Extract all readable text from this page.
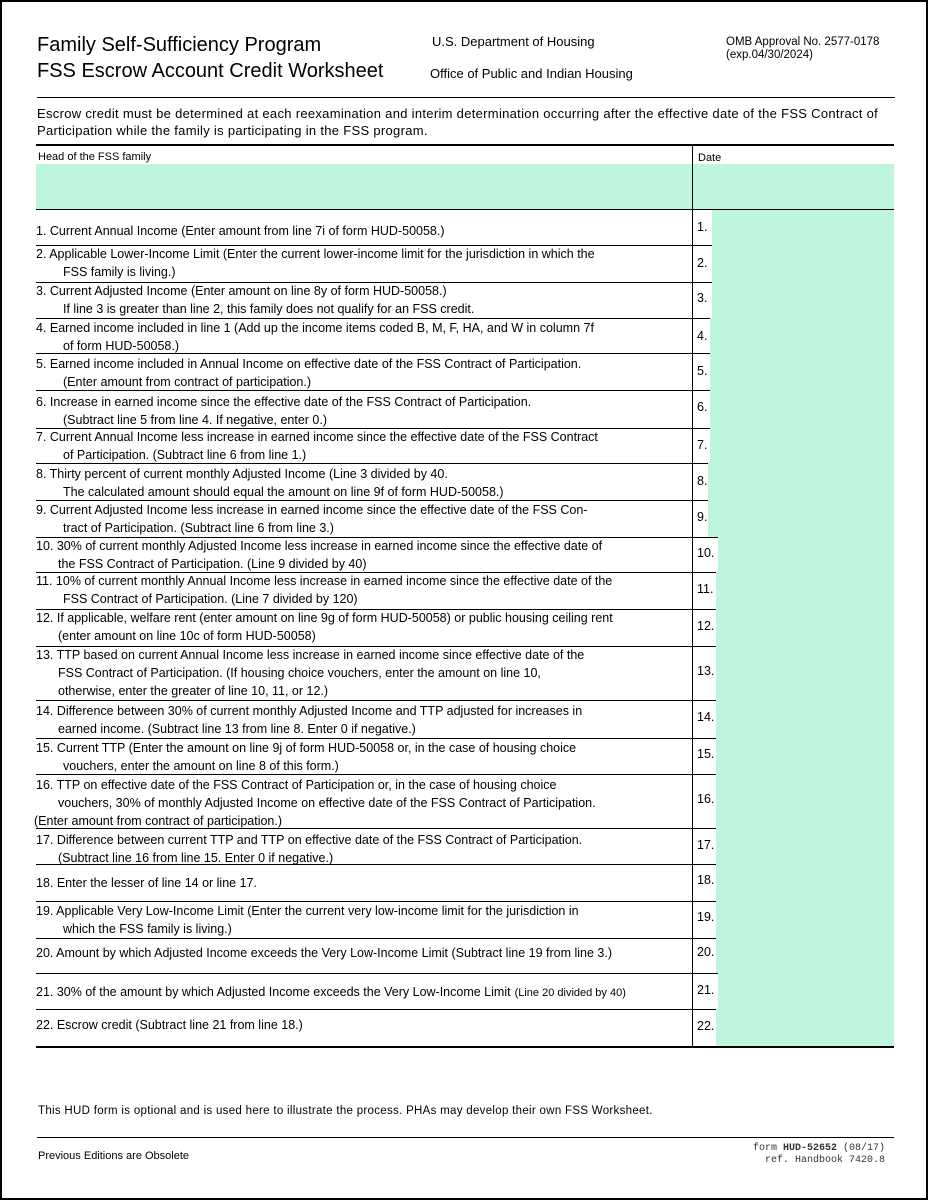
Family Self-Sufficiency Program
FSS Escrow Account Credit Worksheet
U.S. Department of Housing
Office of Public and Indian Housing
OMB Approval No. 2577-0178
(exp.04/30/2024)
Escrow credit must be determined at each reexamination and interim determination occurring after the effective date of the FSS Contract of Participation while the family is participating in the FSS program.
Head of the FSS family	Date
1. Current Annual Income (Enter amount from line 7i of form HUD-50058.)	1.
2. Applicable Lower-Income Limit (Enter the current lower-income limit for the jurisdiction in which the
FSS family is living.)
2.
3. Current Adjusted Income (Enter amount on line 8y of form HUD-50058.)
If line 3 is greater than line 2, this family does not qualify for an FSS credit.
3.
4. Earned income included in line 1 (Add up the income items coded B, M, F, HA, and W in column 7f
of form HUD-50058.)
4.
5. Earned income included in Annual Income on effective date of the FSS Contract of Participation.
(Enter amount from contract of participation.)
5.
6. Increase in earned income since the effective date of the FSS Contract of Participation.
(Subtract line 5 from line 4. If negative, enter 0.)
6.
7. Current Annual Income less increase in earned income since the effective date of the FSS Contract
of Participation. (Subtract line 6 from line 1.)
7.
8. Thirty percent of current monthly Adjusted Income (Line 3 divided by 40.
The calculated amount should equal the amount on line 9f of form HUD-50058.)
8.
9. Current Adjusted Income less increase in earned income since the effective date of the FSS Con-
tract of Participation. (Subtract line 6 from line 3.)
9.
10. 30% of current monthly Adjusted Income less increase in earned income since the effective date of
the FSS Contract of Participation. (Line 9 divided by 40)
10.
11. 10% of current monthly Annual Income less increase in earned income since the effective date of the
FSS Contract of Participation. (Line 7 divided by 120)
11.
12. If applicable, welfare rent (enter amount on line 9g of form HUD-50058) or public housing ceiling rent
(enter amount on line 10c of form HUD-50058)
12.
13. TTP based on current Annual Income less increase in earned income since effective date of the
FSS Contract of Participation. (If housing choice vouchers, enter the amount on line 10,
otherwise, enter the greater of line 10, 11, or 12.)
13.
14. Difference between 30% of current monthly Adjusted Income and TTP adjusted for increases in
earned income. (Subtract line 13 from line 8. Enter 0 if negative.)
14.
15. Current TTP (Enter the amount on line 9j of form HUD-50058 or, in the case of housing choice
vouchers, enter the amount on line 8 of this form.)
15.
16. TTP on effective date of the FSS Contract of Participation or, in the case of housing choice
vouchers, 30% of monthly Adjusted Income on effective date of the FSS Contract of Participation.
(Enter amount from contract of participation.)
16.
17. Difference between current TTP and TTP on effective date of the FSS Contract of Participation.
(Subtract line 16 from line 15. Enter 0 if negative.)
17.
18. Enter the lesser of line 14 or line 17.	18.
19. Applicable Very Low-Income Limit (Enter the current very low-income limit for the jurisdiction in
which the FSS family is living.)
19.
20. Amount by which Adjusted Income exceeds the Very Low-Income Limit (Subtract line 19 from line 3.)	20.
21. 30% of the amount by which Adjusted Income exceeds the Very Low-Income Limit (Line 20 divided by 40)	21.
22. Escrow credit (Subtract line 21 from line 18.)	22.
This HUD form is optional and is used here to illustrate the process. PHAs may develop their own FSS Worksheet.
Previous Editions are Obsolete
form HUD-52652 (08/17)
ref. Handbook 7420.8
